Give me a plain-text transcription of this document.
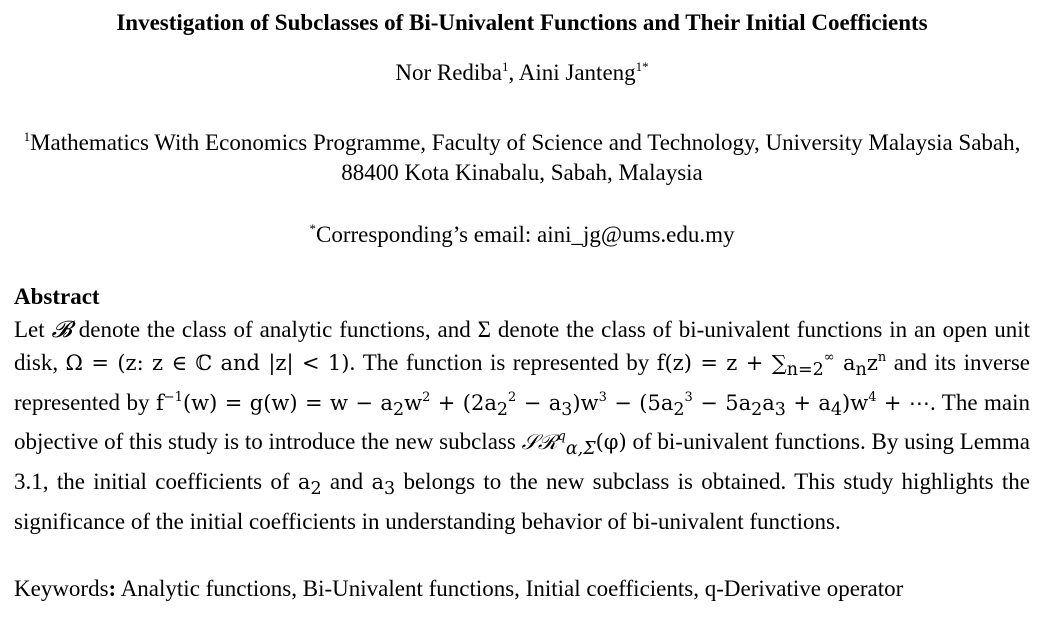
Investigation of Subclasses of Bi-Univalent Functions and Their Initial Coefficients
Nor Rediba$^1$, Aini Janteng$^{1*}$
$^1$Mathematics With Economics Programme, Faculty of Science and Technology, University Malaysia Sabah, 88400 Kota Kinabalu, Sabah, Malaysia
*Corresponding’s email: aini_jg@ums.edu.my
Abstract
Let 𝓑 denote the class of analytic functions, and Σ denote the class of bi-univalent functions in an open unit disk, Ω = (z: z ∈ ℂ and |z| < 1). The function is represented by $f(z) = z + \sum_{n=2}^\infty$ $a_nz^n$ and its inverse represented by $f^{-1}(w) = g(w) = w - a_2w^2 + (2a_2^2 - a_3)w^3 - (5a_2^3 - 5a_2a_3 + a_4)w^4$ + ⋯. The main objective of this study is to introduce the new subclass 𝒮ℛ$^q_{\alpha,\Sigma}$(φ) of bi-univalent functions. By using Lemma 3.1, the initial coefficients of $a_2$ and $a_3$ belongs to the new subclass is obtained. This study highlights the significance of the initial coefficients in understanding behavior of bi-univalent functions.
Keywords: Analytic functions, Bi-Univalent functions, Initial coefficients, q-Derivative operator
